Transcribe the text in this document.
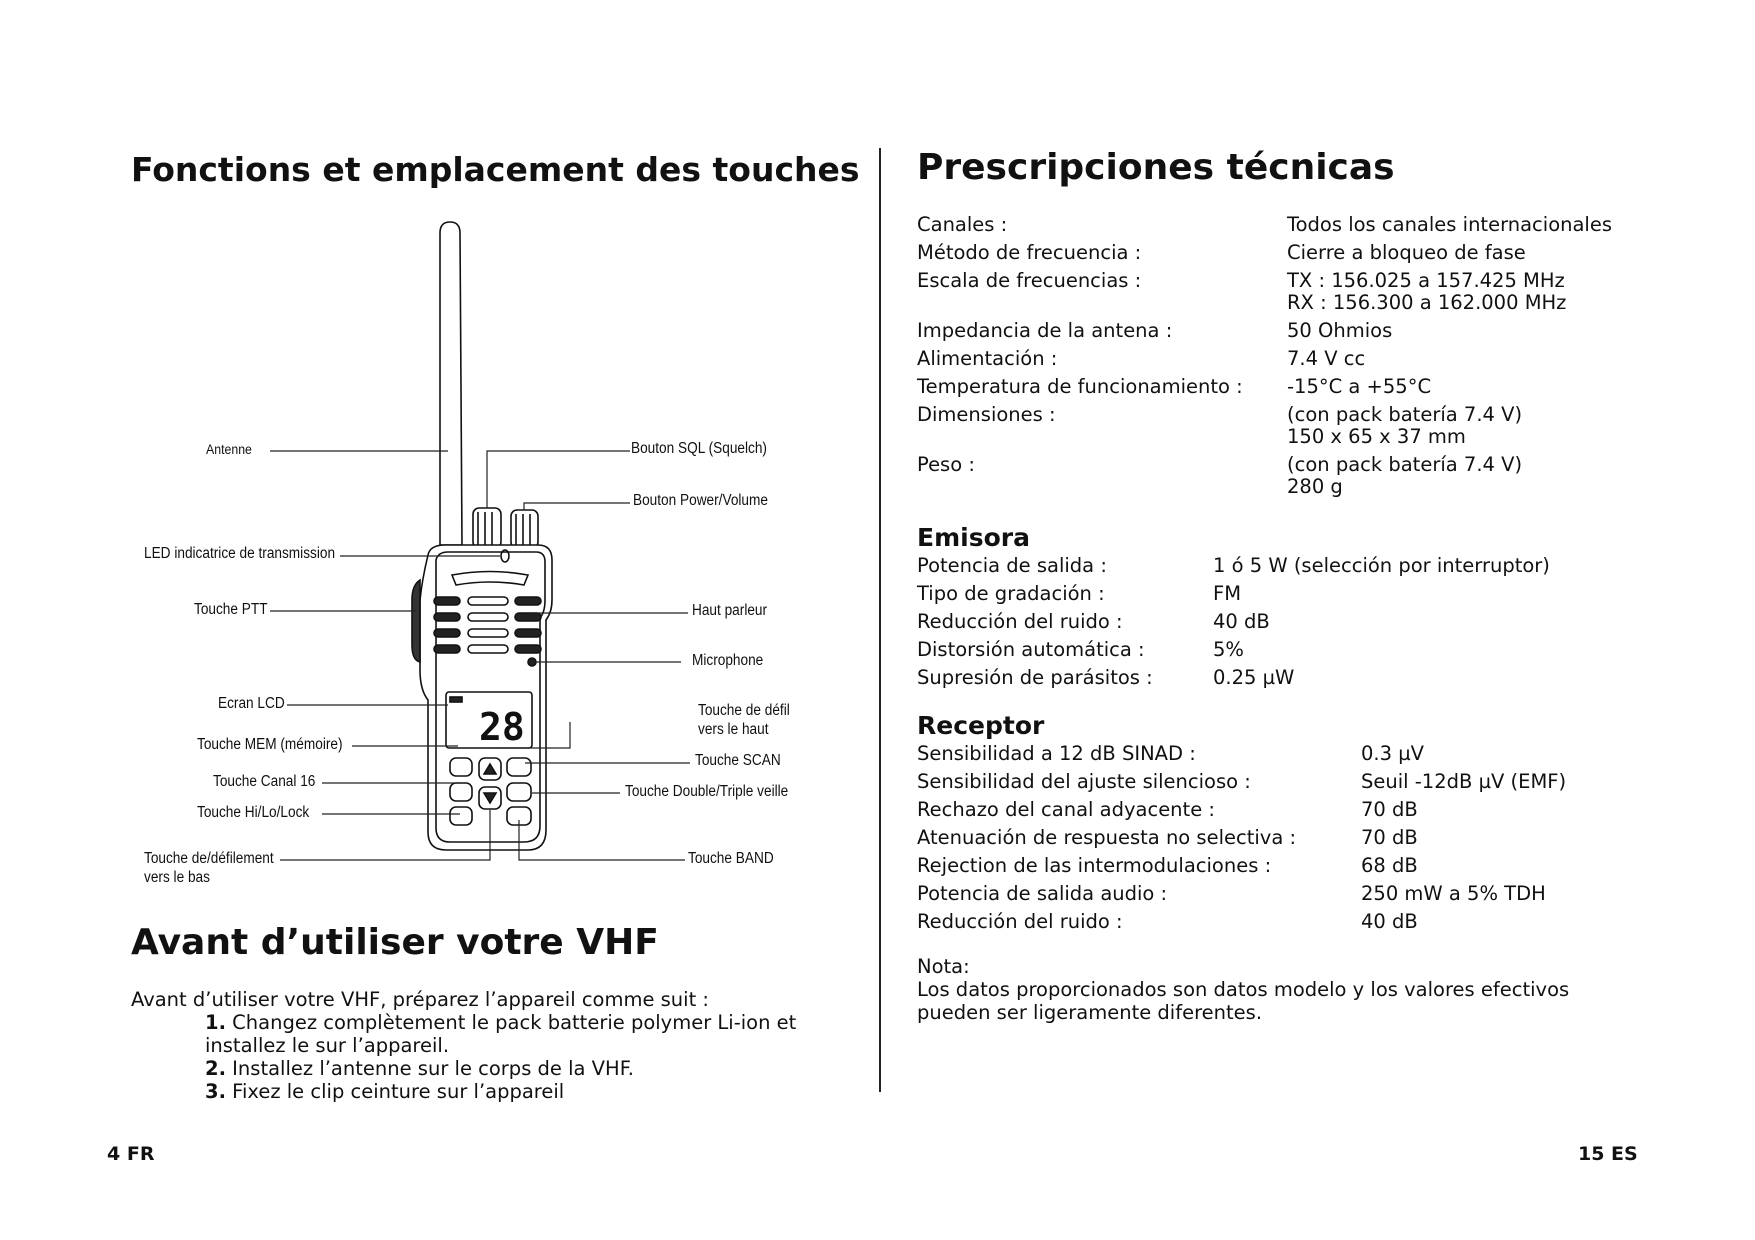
Fonctions et emplacement des touches
28
Antenne
LED indicatrice de transmission
Touche PTT
Ecran LCD
Touche MEM (mémoire)
Touche Canal 16
Touche Hi/Lo/Lock
Touche de/défilement
vers le bas
Bouton SQL (Squelch)
Bouton Power/Volume
Haut parleur
Microphone
Touche de défil
vers le haut
Touche SCAN
Touche Double/Triple veille
Touche BAND
Avant d’utiliser votre VHF
Avant d’utiliser votre VHF, préparez l’appareil comme suit :
1. Changez complètement le pack batterie polymer Li-ion et installez le sur l’appareil.
2. Installez l’antenne sur le corps de la VHF.
3. Fixez le clip ceinture sur l’appareil
4 FR
Prescripciones técnicas
Canales :	Todos los canales internacionales
Método de frecuencia :	Cierre a bloqueo de fase
Escala de frecuencias :	TX : 156.025 a 157.425 MHz
RX : 156.300 a 162.000 MHz
Impedancia de la antena :	50 Ohmios
Alimentación :	7.4 V cc
Temperatura de funcionamiento : -15°C a +55°C
Dimensiones :	(con pack batería 7.4 V)
150 x 65 x 37 mm
Peso :	(con pack batería 7.4 V)
280 g
Emisora
Potencia de salida :	1 ó 5 W (selección por interruptor)
Tipo de gradación :	FM
Reducción del ruido :	40 dB
Distorsión automática :	5%
Supresión de parásitos :	0.25 µW
Receptor
Sensibilidad a 12 dB SINAD :	0.3 µV
Sensibilidad del ajuste silencioso :	Seuil -12dB µV (EMF)
Rechazo del canal adyacente :	70 dB
Atenuación de respuesta no selectiva :	70 dB
Rejection de las intermodulaciones :	68 dB
Potencia de salida audio :	250 mW a 5% TDH
Reducción del ruido :	40 dB
Nota:
Los datos proporcionados son datos modelo y los valores efectivos pueden ser ligeramente diferentes.
15 ES
